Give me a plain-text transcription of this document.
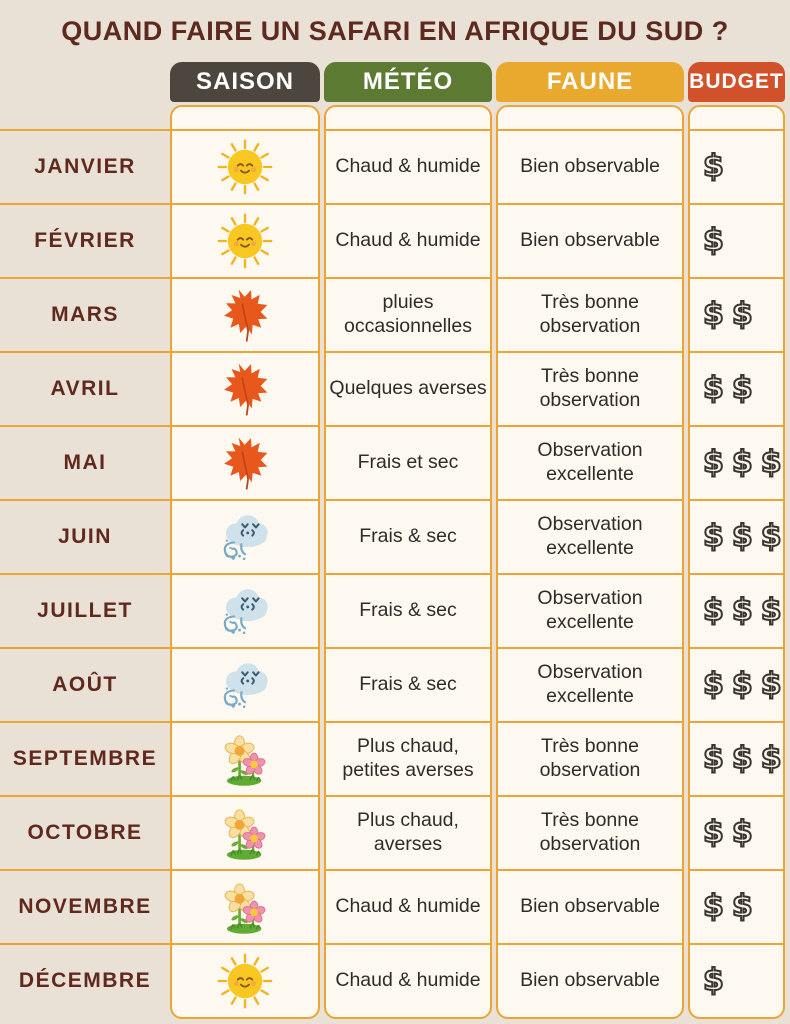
QUAND FAIRE UN SAFARI EN AFRIQUE DU SUD ?
JANVIER
FÉVRIER
MARS
AVRIL
MAI
JUIN
JUILLET
AOÛT
SEPTEMBRE
OCTOBRE
NOVEMBRE
DÉCEMBRE
SAISON	MÉTÉO
Chaud & humide
Chaud & humide
pluies occasionnelles
Quelques averses
Frais et sec
Frais & sec
Frais & sec
Frais & sec
Plus chaud, petites averses
Plus chaud, averses
Chaud & humide
Chaud & humide
FAUNE
Bien observable
Bien observable
Très bonne observation
Très bonne observation
Observation excellente
Observation excellente
Observation excellente
Observation excellente
Très bonne observation
Très bonne observation
Bien observable
Bien observable
BUDGET
$
$
$$
$$
$$$
$$$
$$$
$$$
$$$
$$
$$
$
